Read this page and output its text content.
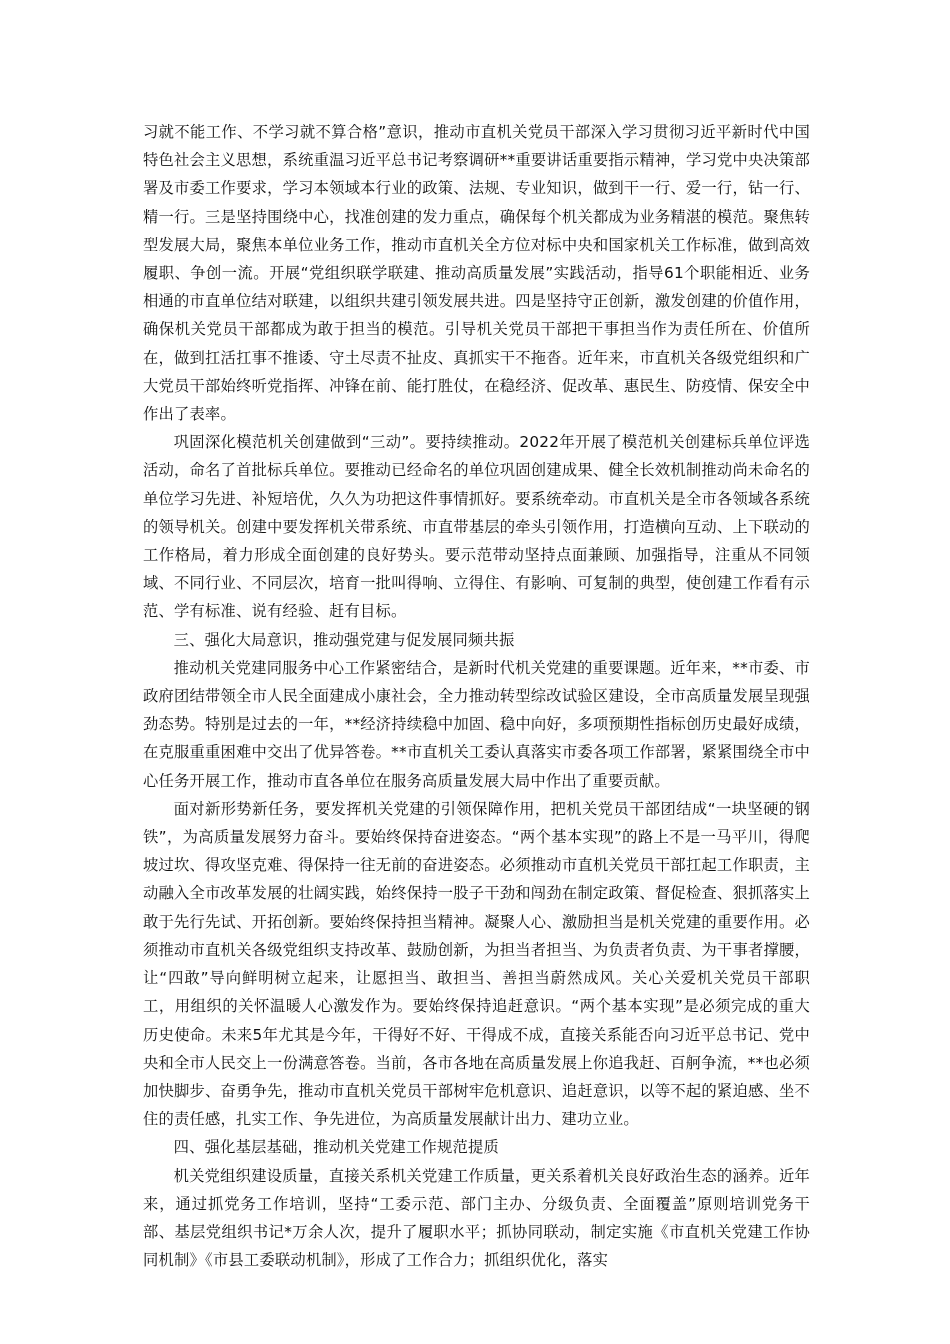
习就不能工作、不学习就不算合格”意识，推动市直机关党员干部深入学习贯彻习近平新时代中国特色社会主义思想，系统重温习近平总书记考察调研**重要讲话重要指示精神，学习党中央决策部署及市委工作要求，学习本领域本行业的政策、法规、专业知识，做到干一行、爱一行，钻一行、精一行。三是坚持围绕中心，找准创建的发力重点，确保每个机关都成为业务精湛的模范。聚焦转型发展大局，聚焦本单位业务工作，推动市直机关全方位对标中央和国家机关工作标准，做到高效履职、争创一流。开展“党组织联学联建、推动高质量发展”实践活动，指导61个职能相近、业务相通的市直单位结对联建，以组织共建引领发展共进。四是坚持守正创新，激发创建的价值作用，确保机关党员干部都成为敢于担当的模范。引导机关党员干部把干事担当作为责任所在、价值所在，做到扛活扛事不推诿、守土尽责不扯皮、真抓实干不拖沓。近年来，市直机关各级党组织和广大党员干部始终听党指挥、冲锋在前、能打胜仗，在稳经济、促改革、惠民生、防疫情、保安全中作出了表率。

巩固深化模范机关创建做到“三动”。要持续推动。2022年开展了模范机关创建标兵单位评选活动，命名了首批标兵单位。要推动已经命名的单位巩固创建成果、健全长效机制推动尚未命名的单位学习先进、补短培优，久久为功把这件事情抓好。要系统牵动。市直机关是全市各领域各系统的领导机关。创建中要发挥机关带系统、市直带基层的牵头引领作用，打造横向互动、上下联动的工作格局，着力形成全面创建的良好势头。要示范带动坚持点面兼顾、加强指导，注重从不同领域、不同行业、不同层次，培育一批叫得响、立得住、有影响、可复制的典型，使创建工作看有示范、学有标准、说有经验、赶有目标。

三、强化大局意识，推动强党建与促发展同频共振

推动机关党建同服务中心工作紧密结合，是新时代机关党建的重要课题。近年来，**市委、市政府团结带领全市人民全面建成小康社会，全力推动转型综改试验区建设，全市高质量发展呈现强劲态势。特别是过去的一年，**经济持续稳中加固、稳中向好，多项预期性指标创历史最好成绩，在克服重重困难中交出了优异答卷。**市直机关工委认真落实市委各项工作部署，紧紧围绕全市中心任务开展工作，推动市直各单位在服务高质量发展大局中作出了重要贡献。

面对新形势新任务，要发挥机关党建的引领保障作用，把机关党员干部团结成“一块坚硬的钢铁”，为高质量发展努力奋斗。要始终保持奋进姿态。“两个基本实现”的路上不是一马平川，得爬坡过坎、得攻坚克难、得保持一往无前的奋进姿态。必须推动市直机关党员干部扛起工作职责，主动融入全市改革发展的壮阔实践，始终保持一股子干劲和闯劲在制定政策、督促检查、狠抓落实上敢于先行先试、开拓创新。要始终保持担当精神。凝聚人心、激励担当是机关党建的重要作用。必须推动市直机关各级党组织支持改革、鼓励创新，为担当者担当、为负责者负责、为干事者撑腰，让“四敢”导向鲜明树立起来，让愿担当、敢担当、善担当蔚然成风。关心关爱机关党员干部职工，用组织的关怀温暖人心激发作为。要始终保持追赶意识。“两个基本实现”是必须完成的重大历史使命。未来5年尤其是今年，干得好不好、干得成不成，直接关系能否向习近平总书记、党中央和全市人民交上一份满意答卷。当前，各市各地在高质量发展上你追我赶、百舸争流，**也必须加快脚步、奋勇争先，推动市直机关党员干部树牢危机意识、追赶意识，以等不起的紧迫感、坐不住的责任感，扎实工作、争先进位，为高质量发展献计出力、建功立业。

四、强化基层基础，推动机关党建工作规范提质

机关党组织建设质量，直接关系机关党建工作质量，更关系着机关良好政治生态的涵养。近年来，通过抓党务工作培训，坚持“工委示范、部门主办、分级负责、全面覆盖”原则培训党务干部、基层党组织书记*万余人次，提升了履职水平；抓协同联动，制定实施《市直机关党建工作协同机制》《市县工委联动机制》，形成了工作合力；抓组织优化，落实
